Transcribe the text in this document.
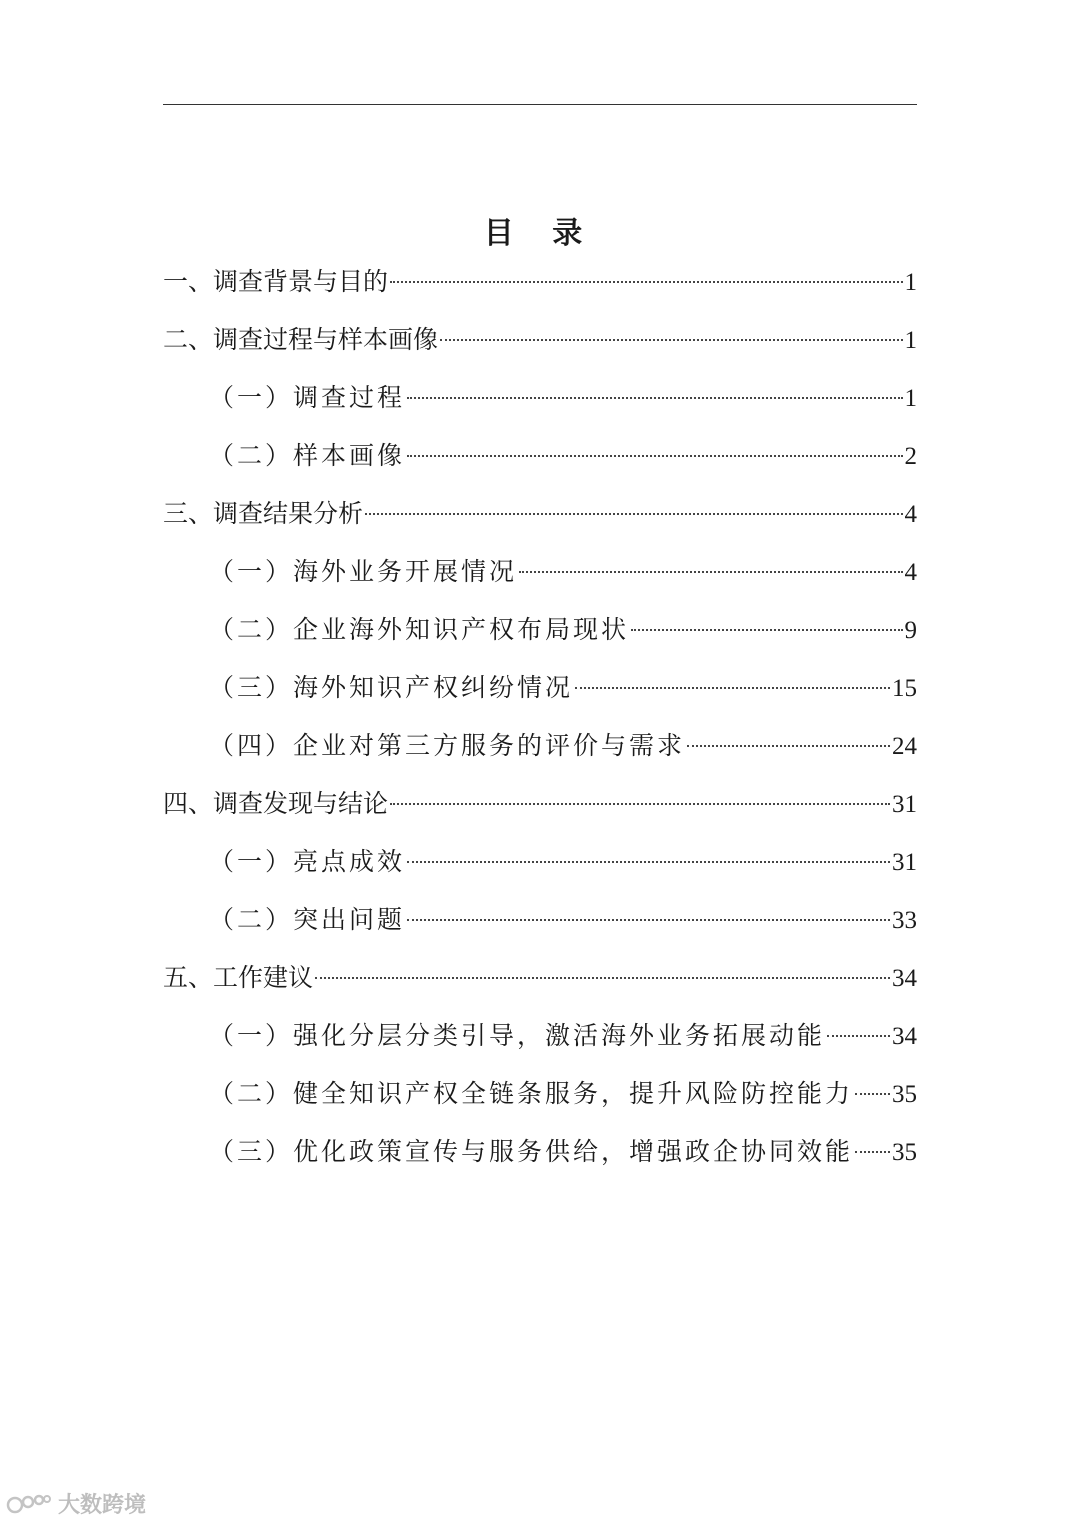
目 录
一、调查背景与目的	1
二、调查过程与样本画像	1
（一）调查过程	1
（二）样本画像	2
三、调查结果分析	4
（一）海外业务开展情况	4
（二）企业海外知识产权布局现状	9
（三）海外知识产权纠纷情况	15
（四）企业对第三方服务的评价与需求	24
四、调查发现与结论	31
（一）亮点成效	31
（二）突出问题	33
五、工作建议	34
（一）强化分层分类引导，激活海外业务拓展动能	34
（二）健全知识产权全链条服务，提升风险防控能力 35
（三）优化政策宣传与服务供给，增强政企协同效能 35
大数跨境
